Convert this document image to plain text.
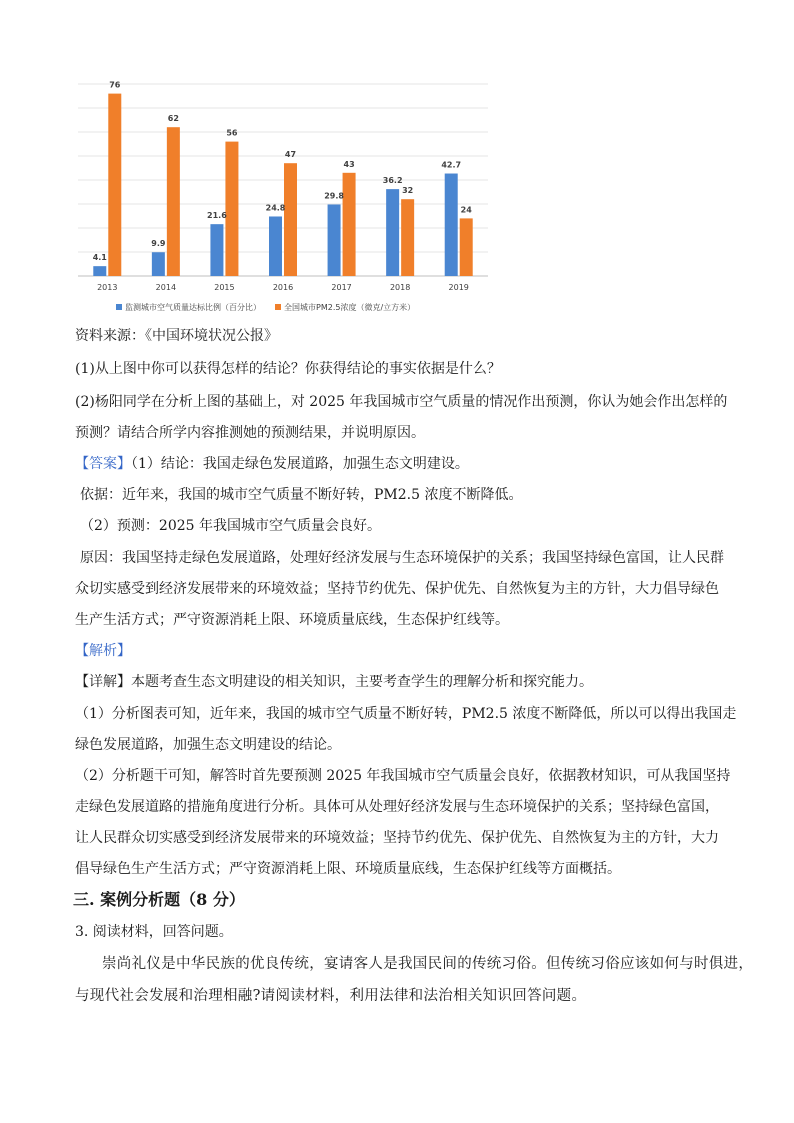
4.1
76
9.9
62
21.6
56
24.8
47
29.8
43
36.2
32
42.7
24
2013	2014	2015	2016	2017	2018	2019
监测城市空气质量达标比例（百分比）	全国城市PM2.5浓度（微克/立方米）
资料来源：《中国环境状况公报》
(1)从上图中你可以获得怎样的结论？你获得结论的事实依据是什么？
(2)杨阳同学在分析上图的基础上，对 2025 年我国城市空气质量的情况作出预测，你认为她会作出怎样的
预测？请结合所学内容推测她的预测结果，并说明原因。
【答案】（1）结论：我国走绿色发展道路，加强生态文明建设。
依据：近年来，我国的城市空气质量不断好转，PM2.5 浓度不断降低。
（2）预测：2025 年我国城市空气质量会良好。
原因：我国坚持走绿色发展道路，处理好经济发展与生态环境保护的关系；我国坚持绿色富国，让人民群
众切实感受到经济发展带来的环境效益；坚持节约优先、保护优先、自然恢复为主的方针，大力倡导绿色
生产生活方式；严守资源消耗上限、环境质量底线，生态保护红线等。
【解析】
【详解】本题考查生态文明建设的相关知识，主要考查学生的理解分析和探究能力。
（1）分析图表可知，近年来，我国的城市空气质量不断好转，PM2.5 浓度不断降低，所以可以得出我国走
绿色发展道路，加强生态文明建设的结论。
（2）分析题干可知，解答时首先要预测 2025 年我国城市空气质量会良好，依据教材知识，可从我国坚持
走绿色发展道路的措施角度进行分析。具体可从处理好经济发展与生态环境保护的关系；坚持绿色富国，
让人民群众切实感受到经济发展带来的环境效益；坚持节约优先、保护优先、自然恢复为主的方针，大力
倡导绿色生产生活方式；严守资源消耗上限、环境质量底线，生态保护红线等方面概括。
三. 案例分析题（8 分）
3. 阅读材料，回答问题。
崇尚礼仪是中华民族的优良传统，宴请客人是我国民间的传统习俗。但传统习俗应该如何与时俱进，
与现代社会发展和治理相融?请阅读材料，利用法律和法治相关知识回答问题。
